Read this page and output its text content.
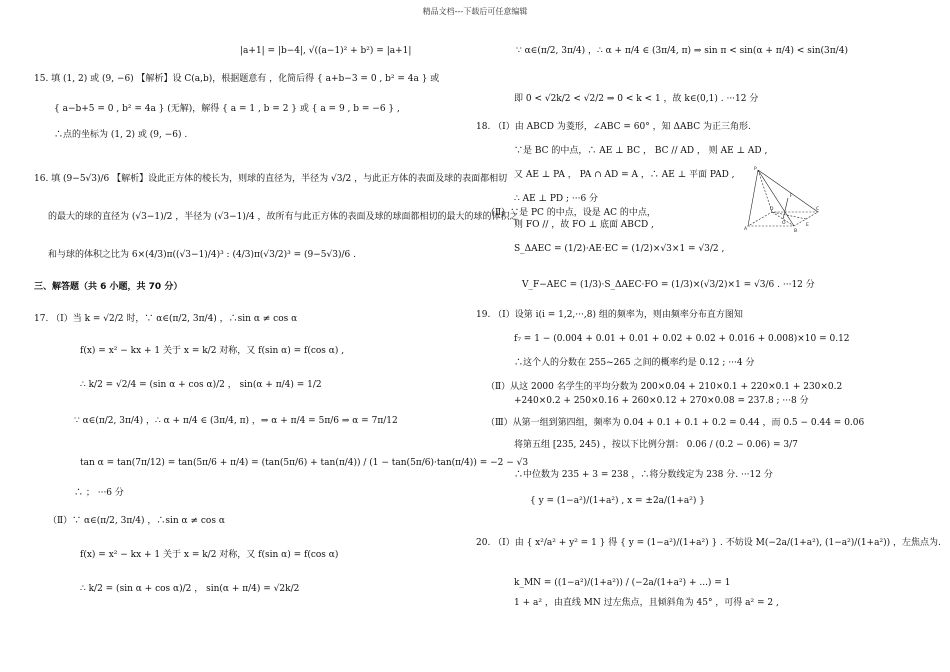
精品文档---下载后可任意编辑
|a+1| = |b−4|, √((a−1)² + b²) = |a+1|
15. 填 (1, 2) 或 (9, −6) 【解析】设 C(a,b)，根据题意有 ，化简后得 { a+b−3 = 0 , b² = 4a } 或
{ a−b+5 = 0 , b² = 4a } (无解)，解得 { a = 1 , b = 2 } 或 { a = 9 , b = −6 } ,
∴点的坐标为 (1, 2) 或 (9, −6) .
16. 填 (9−5√3)/6 【解析】设此正方体的棱长为，则球的直径为，半径为 √3/2 ，与此正方体的表面及球的表面都相切
的最大的球的直径为 (√3−1)/2 ，半径为 (√3−1)/4 ，故所有与此正方体的表面及球的球面都相切的最大的球的体积之
和与球的体积之比为 6×(4/3)π((√3−1)/4)³ : (4/3)π(√3/2)³ = (9−5√3)/6 .
三、解答题（共 6 小题，共 70 分）
17. （Ⅰ）当 k = √2/2 时，∵ α∈(π/2, 3π/4) ，∴sin α ≠ cos α
f(x) = x² − kx + 1 关于 x = k/2 对称，又 f(sin α) = f(cos α) ,
∴ k/2 = √2/4 = (sin α + cos α)/2 ， sin(α + π/4) = 1/2
∵ α∈(π/2, 3π/4) ，∴ α + π/4 ∈ (3π/4, π) ，⇒ α + π/4 = 5π/6 ⇒ α = 7π/12
tan α = tan(7π/12) = tan(5π/6 + π/4) = (tan(5π/6) + tan(π/4)) / (1 − tan(5π/6)·tan(π/4)) = −2 − √3
∴ ； ···6 分
（Ⅱ）∵ α∈(π/2, 3π/4) ，∴sin α ≠ cos α
f(x) = x² − kx + 1 关于 x = k/2 对称，又 f(sin α) = f(cos α)
∴ k/2 = (sin α + cos α)/2 ， sin(α + π/4) = √2k/2
∵ α∈(π/2, 3π/4) ，∴ α + π/4 ∈ (3π/4, π) ⇒ sin π < sin(α + π/4) < sin(3π/4)
即 0 < √2k/2 < √2/2 ⇒ 0 < k < 1 ，故 k∈(0,1) . ···12 分
18. （Ⅰ）由 ABCD 为菱形，∠ABC = 60° ，知 ΔABC 为正三角形.
∵是 BC 的中点，∴ AE ⊥ BC ， BC // AD ， 则 AE ⊥ AD ,
又 AE ⊥ PA ， PA ∩ AD = A ，∴ AE ⊥ 平面 PAD ,
∴ AE ⊥ PD ; ···6 分
（Ⅱ）∵是 PC 的中点，设是 AC 的中点，
则 FO // ，故 FO ⊥ 底面 ABCD ,
S_ΔAEC = (1/2)·AE·EC = (1/2)×√3×1 = √3/2 ,
V_F−AEC = (1/3)·S_ΔAEC·FO = (1/3)×(√3/2)×1 = √3/6 . ···12 分
19. （Ⅰ）设第 i(i = 1,2,···,8) 组的频率为，则由频率分布直方图知
f₇ = 1 − (0.004 + 0.01 + 0.01 + 0.02 + 0.02 + 0.016 + 0.008)×10 = 0.12
∴这个人的分数在 255~265 之间的概率约是 0.12 ; ···4 分
（Ⅱ）从这 2000 名学生的平均分数为 200×0.04 + 210×0.1 + 220×0.1 + 230×0.2
+240×0.2 + 250×0.16 + 260×0.12 + 270×0.08 = 237.8 ; ···8 分
（Ⅲ）从第一组到第四组，频率为 0.04 + 0.1 + 0.1 + 0.2 = 0.44 ，而 0.5 − 0.44 = 0.06
将第五组 [235, 245) ，按以下比例分割： 0.06 / (0.2 − 0.06) = 3/7
∴中位数为 235 + 3 = 238 ，∴将分数线定为 238 分. ···12 分
{ y = (1−a²)/(1+a²) , x = ±2a/(1+a²) }
20. （Ⅰ）由 { x²/a² + y² = 1 } 得 { y = (1−a²)/(1+a²) } . 不妨设 M(−2a/(1+a²), (1−a²)/(1+a²)) ，左焦点为.
k_MN = ((1−a²)/(1+a²)) / (−2a/(1+a²) + ...) = 1
1 + a² ，由直线 MN 过左焦点，且倾斜角为 45° ，可得 a² = 2 ,
P
F
A	B
C
D
E
O
